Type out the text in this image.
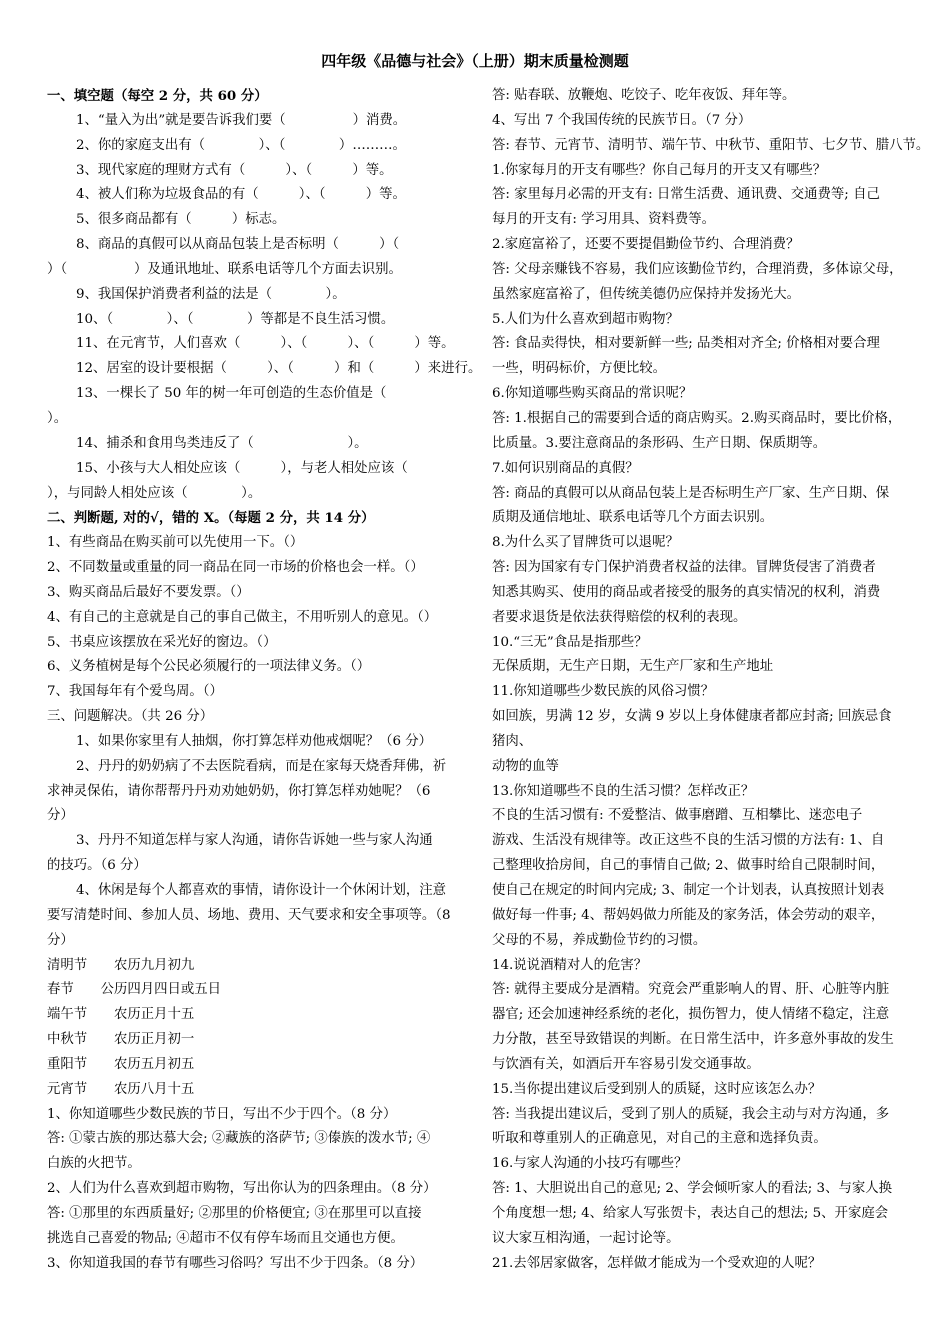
四年级《品德与社会》（上册）期末质量检测题
一、填空题（每空 2 分，共 60 分）
1、“量入为出”就是要告诉我们要（　　　　　）消费。
2、你的家庭支出有（　　　　）、（　　　　）………。
3、现代家庭的理财方式有（　　　）、（　　　）等。
4、被人们称为垃圾食品的有（　　　）、（　　　）等。
5、很多商品都有（　　　）标志。
8、商品的真假可以从商品包装上是否标明（　　　）（
）（　　　　　）及通讯地址、联系电话等几个方面去识别。
9、我国保护消费者利益的法是（　　　　）。
10、（　　　　）、（　　　　）等都是不良生活习惯。
11、在元宵节，人们喜欢（　　　）、（　　　）、（　　　）等。
12、居室的设计要根据（　　　）、（　　　）和（　　　）来进行。
13、一棵长了 50 年的树一年可创造的生态价值是（
）。
14、捕杀和食用鸟类违反了（　　　　　　　）。
15、小孩与大人相处应该（　　　），与老人相处应该（
），与同龄人相处应该（　　　　）。
二、判断题, 对的√，错的 X。（每题 2 分，共 14 分）
1、有些商品在购买前可以先使用一下。（）
2、不同数量或重量的同一商品在同一市场的价格也会一样。（）
3、购买商品后最好不要发票。（）
4、有自己的主意就是自己的事自己做主，不用听别人的意见。（）
5、书桌应该摆放在采光好的窗边。（）
6、义务植树是每个公民必须履行的一项法律义务。（）
7、我国每年有个爱鸟周。（）
三、问题解决。（共 26 分）
1、如果你家里有人抽烟，你打算怎样劝他戒烟呢？（6 分）
2、丹丹的奶奶病了不去医院看病，而是在家每天烧香拜佛，祈
求神灵保佑，请你帮帮丹丹劝劝她奶奶，你打算怎样劝她呢？（6
分）
3、丹丹不知道怎样与家人沟通，请你告诉她一些与家人沟通
的技巧。（6 分）
4、休闲是每个人都喜欢的事情，请你设计一个休闲计划，注意
要写清楚时间、参加人员、场地、费用、天气要求和安全事项等。（8
分）
清明节　　农历九月初九
春节　　公历四月四日或五日
端午节　　农历正月十五
中秋节　　农历正月初一
重阳节　　农历五月初五
元宵节　　农历八月十五
1、你知道哪些少数民族的节日，写出不少于四个。（8 分）
答: ①蒙古族的那达慕大会; ②藏族的洛萨节; ③傣族的泼水节; ④
白族的火把节。
2、人们为什么喜欢到超市购物，写出你认为的四条理由。（8 分）
答: ①那里的东西质量好; ②那里的价格便宜; ③在那里可以直接
挑选自己喜爱的物品; ④超市不仅有停车场而且交通也方便。
3、你知道我国的春节有哪些习俗吗？写出不少于四条。（8 分）
答: 贴春联、放鞭炮、吃饺子、吃年夜饭、拜年等。
4、写出 7 个我国传统的民族节日。（7 分）
答: 春节、元宵节、清明节、端午节、中秋节、重阳节、七夕节、腊八节。
1.你家每月的开支有哪些？你自己每月的开支又有哪些？
答: 家里每月必需的开支有: 日常生活费、通讯费、交通费等; 自己
每月的开支有: 学习用具、资料费等。
2.家庭富裕了，还要不要提倡勤俭节约、合理消费？
答: 父母亲赚钱不容易，我们应该勤俭节约，合理消费，多体谅父母，
虽然家庭富裕了，但传统美德仍应保持并发扬光大。
5.人们为什么喜欢到超市购物？
答: 食品卖得快，相对要新鲜一些; 品类相对齐全; 价格相对要合理
一些，明码标价，方便比较。
6.你知道哪些购买商品的常识呢？
答: 1.根据自己的需要到合适的商店购买。2.购买商品时，要比价格，
比质量。3.要注意商品的条形码、生产日期、保质期等。
7.如何识别商品的真假？
答: 商品的真假可以从商品包装上是否标明生产厂家、生产日期、保
质期及通信地址、联系电话等几个方面去识别。
8.为什么买了冒牌货可以退呢？
答: 因为国家有专门保护消费者权益的法律。冒牌货侵害了消费者
知悉其购买、使用的商品或者接受的服务的真实情况的权利，消费
者要求退货是依法获得赔偿的权利的表现。
10.“三无”食品是指那些？
无保质期，无生产日期，无生产厂家和生产地址
11.你知道哪些少数民族的风俗习惯？
如回族，男满 12 岁，女满 9 岁以上身体健康者都应封斋; 回族忌食
猪肉、
动物的血等
13.你知道哪些不良的生活习惯？怎样改正？
不良的生活习惯有: 不爱整洁、做事磨蹭、互相攀比、迷恋电子
游戏、生活没有规律等。改正这些不良的生活习惯的方法有: 1、自
己整理收拾房间，自己的事情自己做; 2、做事时给自己限制时间，
使自己在规定的时间内完成; 3、制定一个计划表，认真按照计划表
做好每一件事; 4、帮妈妈做力所能及的家务活，体会劳动的艰辛，
父母的不易，养成勤俭节约的习惯。
14.说说酒精对人的危害？
答: 就得主要成分是酒精。究竟会严重影响人的胃、肝、心脏等内脏
器官; 还会加速神经系统的老化，损伤智力，使人情绪不稳定，注意
力分散，甚至导致错误的判断。在日常生活中，许多意外事故的发生
与饮酒有关，如酒后开车容易引发交通事故。
15.当你提出建议后受到别人的质疑，这时应该怎么办？
答: 当我提出建议后，受到了别人的质疑，我会主动与对方沟通，多
听取和尊重别人的正确意见，对自己的主意和选择负责。
16.与家人沟通的小技巧有哪些？
答: 1、大胆说出自己的意见; 2、学会倾听家人的看法; 3、与家人换
个角度想一想; 4、给家人写张贺卡，表达自己的想法; 5、开家庭会
议大家互相沟通，一起讨论等。
21.去邻居家做客，怎样做才能成为一个受欢迎的人呢？
